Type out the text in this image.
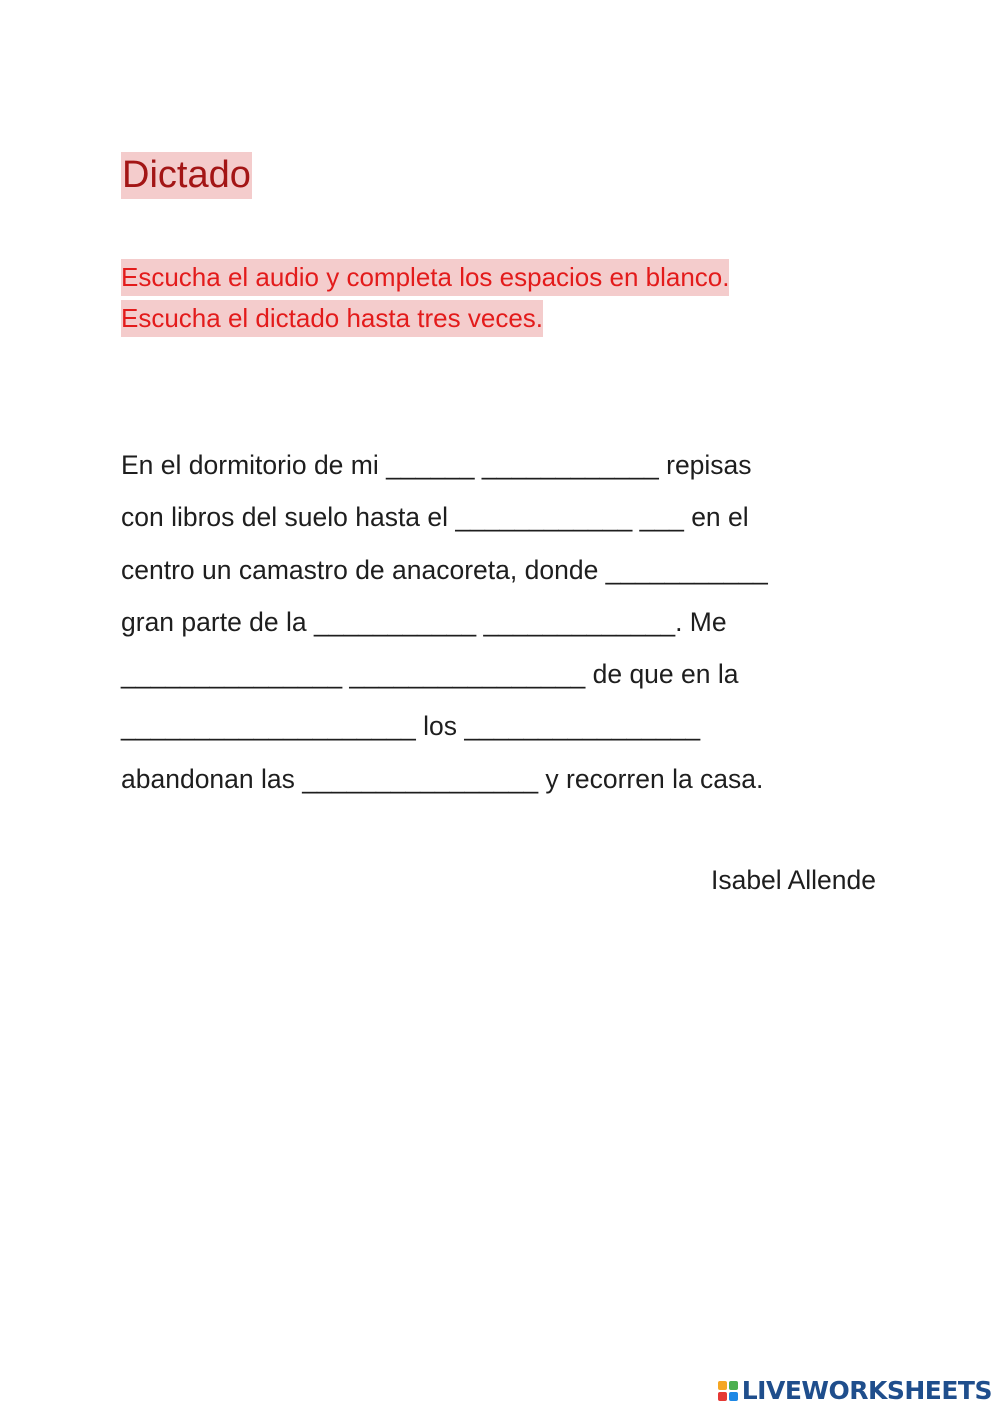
Dictado
Escucha el audio y completa los espacios en blanco.
Escucha el dictado hasta tres veces.
En el dormitorio de mi ______ ____________ repisas
con libros del suelo hasta el ____________ ___ en el
centro un camastro de anacoreta, donde ___________
gran parte de la ___________ _____________. Me
_______________ ________________ de que en la
____________________ los ________________
abandonan las ________________ y recorren la casa.
Isabel Allende
LIVEWORKSHEETS
